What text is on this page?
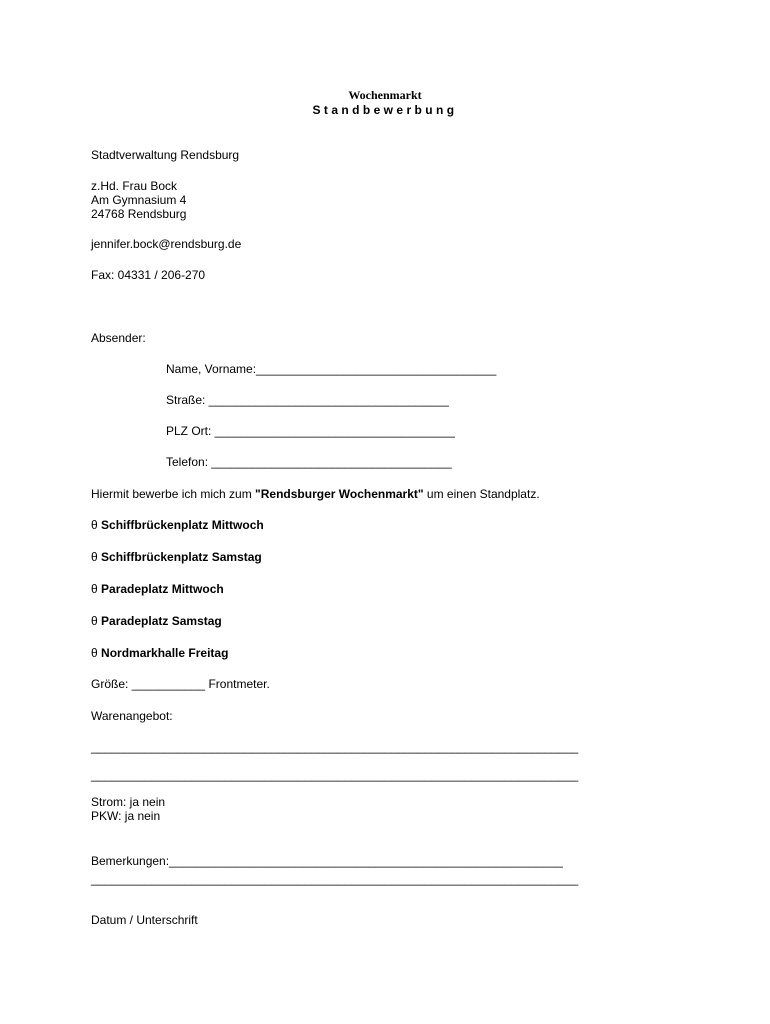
Wochenmarkt
Standbewerbung
Stadtverwaltung Rendsburg
z.Hd. Frau Bock
Am Gymnasium 4
24768 Rendsburg
jennifer.bock@rendsburg.de
Fax: 04331 / 206-270
Absender:
Name, Vorname:____________________________________
Straße: ____________________________________
PLZ Ort: ____________________________________
Telefon: ____________________________________
Hiermit bewerbe ich mich zum "Rendsburger Wochenmarkt" um einen Standplatz.
θ Schiffbrückenplatz Mittwoch
θ Schiffbrückenplatz Samstag
θ Paradeplatz Mittwoch
θ Paradeplatz Samstag
θ Nordmarkhalle Freitag
Größe: ___________ Frontmeter.
Warenangebot:
_________________________________________________________________________
_________________________________________________________________________
Strom: ja nein
PKW: ja nein
Bemerkungen:___________________________________________________________
_________________________________________________________________________
Datum / Unterschrift
